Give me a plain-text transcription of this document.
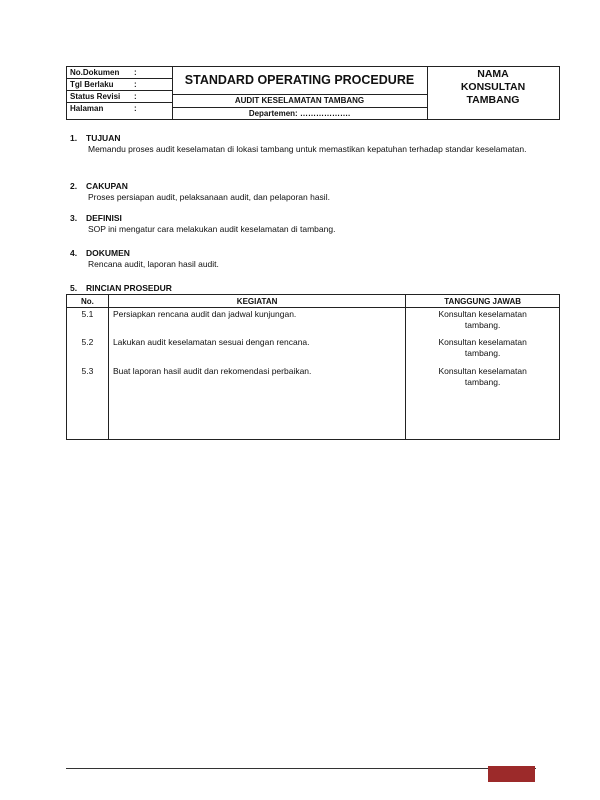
No.Dokumen :
Tgl Berlaku	:
Status Revisi :
Halaman	:
STANDARD OPERATING PROCEDURE
AUDIT KESELAMATAN TAMBANG
Departemen: ……………….
NAMA
KONSULTAN
TAMBANG
1. TUJUAN
Memandu proses audit keselamatan di lokasi tambang untuk memastikan kepatuhan terhadap standar keselamatan.
2. CAKUPAN
Proses persiapan audit, pelaksanaan audit, dan pelaporan hasil.
3. DEFINISI
SOP ini mengatur cara melakukan audit keselamatan di tambang.
4. DOKUMEN
Rencana audit, laporan hasil audit.
5. RINCIAN PROSEDUR
No.	KEGIATAN	TANGGUNG JAWAB
5.1	Persiapkan rencana audit dan jadwal kunjungan.	Konsultan keselamatan
tambang.

5.2	Lakukan audit keselamatan sesuai dengan rencana.	Konsultan keselamatan
tambang.

5.3	Buat laporan hasil audit dan rekomendasi perbaikan.	Konsultan keselamatan
tambang.
